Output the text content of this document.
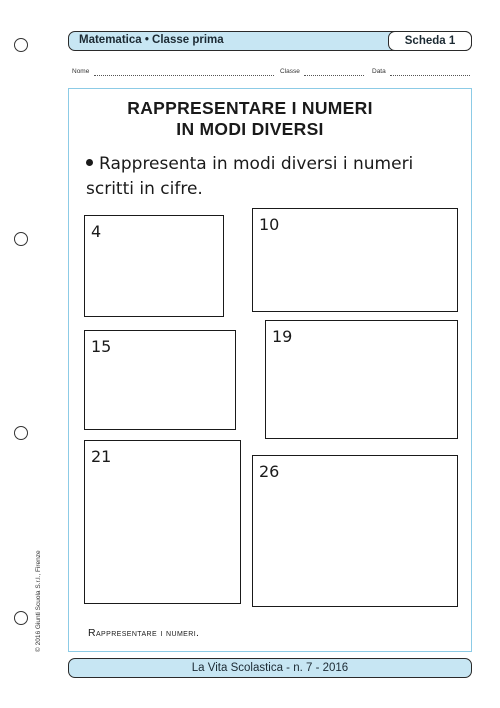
Matematica • Classe prima	Scheda 1
Nome	Classe	Data
RAPPRESENTARE I NUMERI
IN MODI DIVERSI
Rappresenta in modi diversi i numeri
scritti in cifre.
4	10
15
19
21
26
Rappresentare i numeri.
© 2016 Giunti Scuola S.r.l., Firenze
La Vita Scolastica - n. 7 - 2016
